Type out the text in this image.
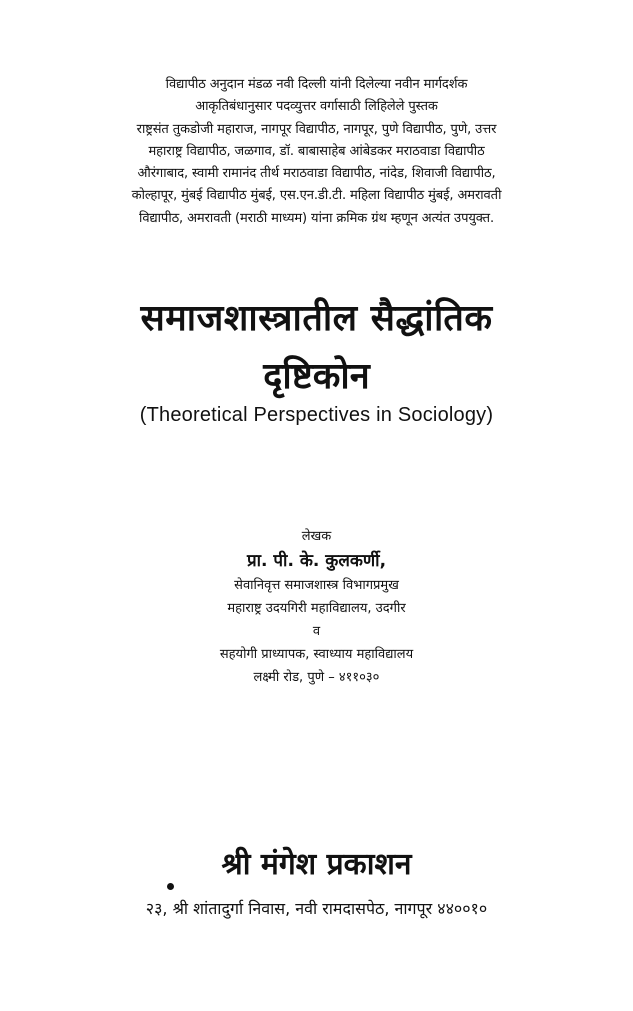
विद्यापीठ अनुदान मंडळ नवी दिल्ली यांनी दिलेल्या नवीन मार्गदर्शक
आकृतिबंधानुसार पदव्युत्तर वर्गासाठी लिहिलेले पुस्तक
राष्ट्रसंत तुकडोजी महाराज, नागपूर विद्यापीठ, नागपूर, पुणे विद्यापीठ, पुणे, उत्तर
महाराष्ट्र विद्यापीठ, जळगाव, डॉ. बाबासाहेब आंबेडकर मराठवाडा विद्यापीठ
औरंगाबाद, स्वामी रामानंद तीर्थ मराठवाडा विद्यापीठ, नांदेड, शिवाजी विद्यापीठ,
कोल्हापूर, मुंबई विद्यापीठ मुंबई, एस.एन.डी.टी. महिला विद्यापीठ मुंबई, अमरावती
विद्यापीठ, अमरावती (मराठी माध्यम) यांना क्रमिक ग्रंथ म्हणून अत्यंत उपयुक्त.
समाजशास्त्रातील सैद्धांतिक
दृष्टिकोन
(Theoretical Perspectives in Sociology)
लेखक
प्रा. पी. के. कुलकर्णी,
सेवानिवृत्त समाजशास्त्र विभागप्रमुख
महाराष्ट्र उदयगिरी महाविद्यालय, उदगीर
व
सहयोगी प्राध्यापक, स्वाध्याय महाविद्यालय
लक्ष्मी रोड, पुणे – ४११०३०
श्री मंगेश प्रकाशन
२३, श्री शांतादुर्गा निवास, नवी रामदासपेठ, नागपूर ४४००१०
